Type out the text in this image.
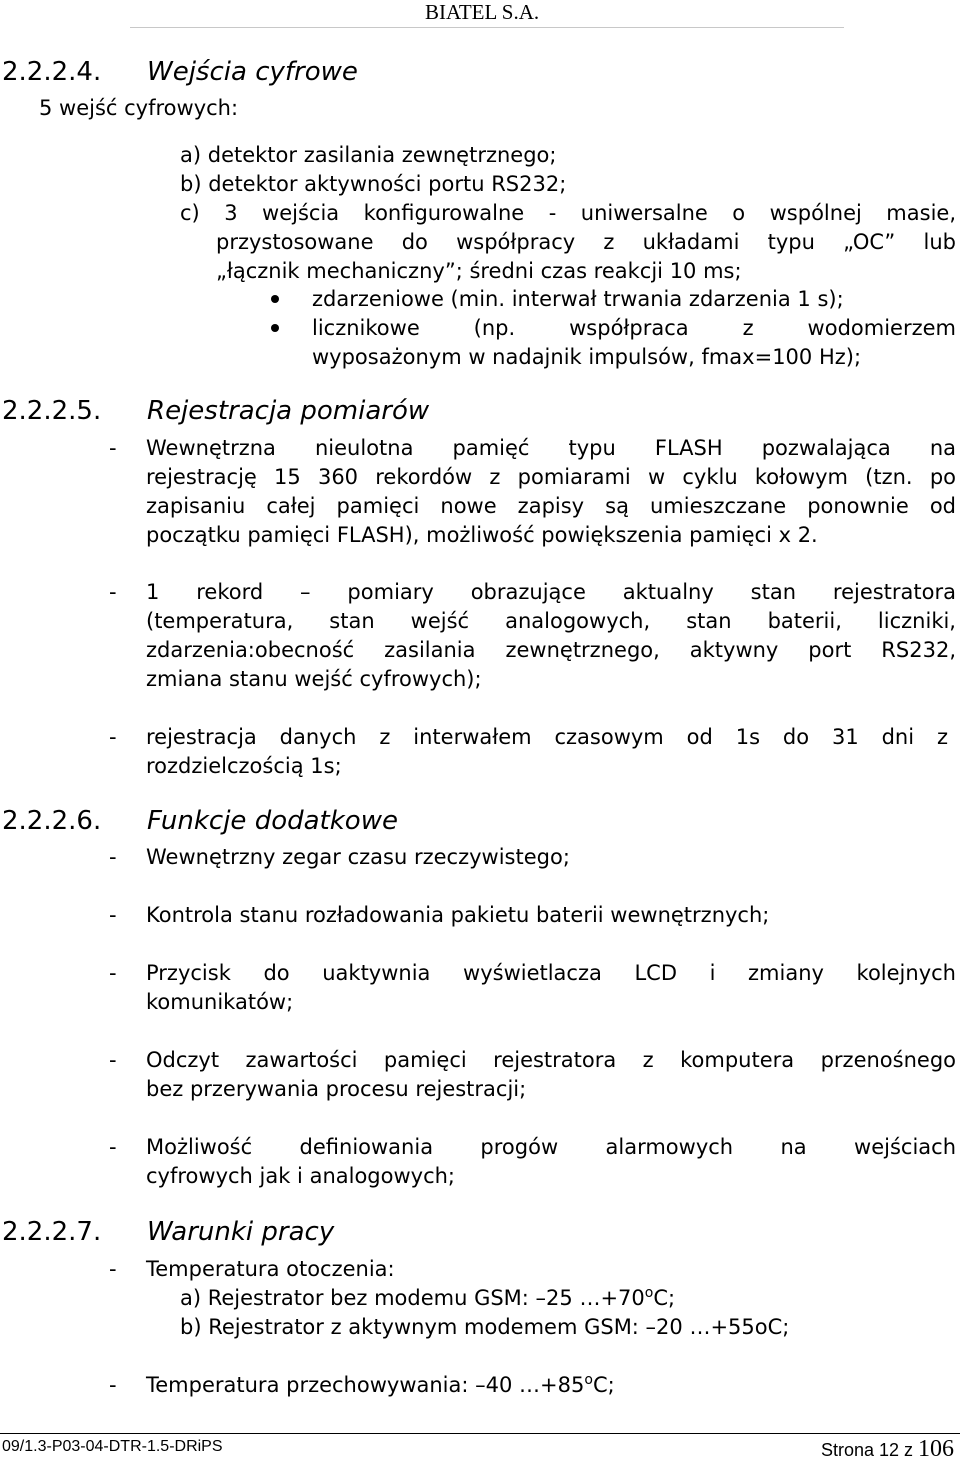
BIATEL S.A.
2.2.2.4. Wejścia cyfrowe
5 wejść cyfrowych:
a) detektor zasilania zewnętrznego;
b) detektor aktywności portu RS232;
c) 3 wejścia konfigurowalne - uniwersalne o wspólnej masie,
przystosowane do współpracy z układami typu „OC” lub
„łącznik mechaniczny”; średni czas reakcji 10 ms;
zdarzeniowe (min. interwał trwania zdarzenia 1 s);
licznikowe (np. współpraca z wodomierzem
wyposażonym w nadajnik impulsów, fmax=100 Hz);
2.2.2.5. Rejestracja pomiarów
- Wewnętrzna nieulotna pamięć typu FLASH pozwalająca na
rejestrację 15 360 rekordów z pomiarami w cyklu kołowym (tzn. po
zapisaniu całej pamięci nowe zapisy są umieszczane ponownie od
początku pamięci FLASH), możliwość powiększenia pamięci x 2.
- 1 rekord – pomiary obrazujące aktualny stan rejestratora
(temperatura, stan wejść analogowych, stan baterii, liczniki,
zdarzenia:obecność zasilania zewnętrznego, aktywny port RS232,
zmiana stanu wejść cyfrowych);
- rejestracja danych z interwałem czasowym od 1s do 31 dni z
rozdzielczością 1s;
2.2.2.6. Funkcje dodatkowe
- Wewnętrzny zegar czasu rzeczywistego;
- Kontrola stanu rozładowania pakietu baterii wewnętrznych;
- Przycisk do uaktywnia wyświetlacza LCD i zmiany kolejnych
komunikatów;
- Odczyt zawartości pamięci rejestratora z komputera przenośnego
bez przerywania procesu rejestracji;
- Możliwość definiowania progów alarmowych na wejściach
cyfrowych jak i analogowych;
2.2.2.7. Warunki pracy
- Temperatura otoczenia:
a) Rejestrator bez modemu GSM: –25 $\dots+70^oC$;
b) Rejestrator z aktywnym modemem GSM: –20 …+55oC;
- Temperatura przechowywania: –40 $\dots+85^oC$;
09/1.3-P03-04-DTR-1.5-DRiPS	Strona 12 z 106
